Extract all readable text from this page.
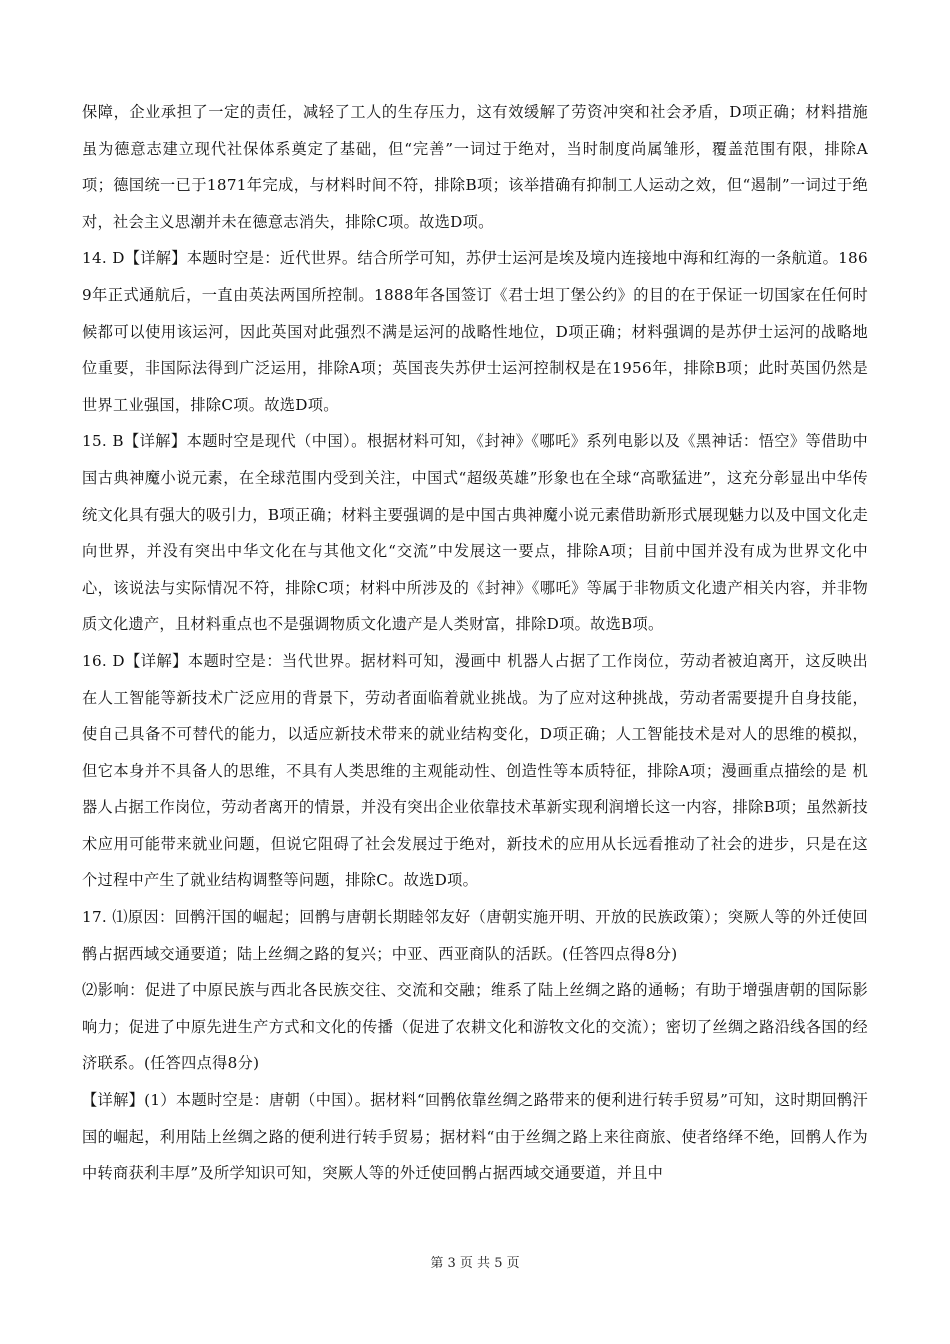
保障，企业承担了一定的责任，减轻了工人的生存压力，这有效缓解了劳资冲突和社会矛盾，D项正确；材料措施虽为德意志建立现代社保体系奠定了基础，但“完善”一词过于绝对，当时制度尚属雏形，覆盖范围有限，排除A项；德国统一已于1871年完成，与材料时间不符，排除B项；该举措确有抑制工人运动之效，但“遏制”一词过于绝对，社会主义思潮并未在德意志消失，排除C项。故选D项。

14. D【详解】本题时空是：近代世界。结合所学可知，苏伊士运河是埃及境内连接地中海和红海的一条航道。1869年正式通航后，一直由英法两国所控制。1888年各国签订《君士坦丁堡公约》的目的在于保证一切国家在任何时候都可以使用该运河，因此英国对此强烈不满是运河的战略性地位，D项正确；材料强调的是苏伊士运河的战略地位重要，非国际法得到广泛运用，排除A项；英国丧失苏伊士运河控制权是在1956年，排除B项；此时英国仍然是世界工业强国，排除C项。故选D项。

15. B【详解】本题时空是现代（中国）。根据材料可知，《封神》《哪吒》系列电影以及《黑神话：悟空》等借助中国古典神魔小说元素，在全球范围内受到关注，中国式“超级英雄”形象也在全球“高歌猛进”，这充分彰显出中华传统文化具有强大的吸引力，B项正确；材料主要强调的是中国古典神魔小说元素借助新形式展现魅力以及中国文化走向世界，并没有突出中华文化在与其他文化“交流”中发展这一要点，排除A项；目前中国并没有成为世界文化中心，该说法与实际情况不符，排除C项；材料中所涉及的《封神》《哪吒》等属于非物质文化遗产相关内容，并非物质文化遗产，且材料重点也不是强调物质文化遗产是人类财富，排除D项。故选B项。

16. D【详解】本题时空是：当代世界。据材料可知，漫画中 机器人占据了工作岗位，劳动者被迫离开，这反映出在人工智能等新技术广泛应用的背景下，劳动者面临着就业挑战。为了应对这种挑战，劳动者需要提升自身技能，使自己具备不可替代的能力，以适应新技术带来的就业结构变化，D项正确；人工智能技术是对人的思维的模拟，但它本身并不具备人的思维，不具有人类思维的主观能动性、创造性等本质特征，排除A项；漫画重点描绘的是 机器人占据工作岗位，劳动者离开的情景，并没有突出企业依靠技术革新实现利润增长这一内容，排除B项；虽然新技术应用可能带来就业问题，但说它阻碍了社会发展过于绝对，新技术的应用从长远看推动了社会的进步，只是在这个过程中产生了就业结构调整等问题，排除C。故选D项。

17. ⑴原因：回鹘汗国的崛起；回鹘与唐朝长期睦邻友好（唐朝实施开明、开放的民族政策）；突厥人等的外迁使回鹘占据西域交通要道；陆上丝绸之路的复兴；中亚、西亚商队的活跃。(任答四点得8分)

⑵影响：促进了中原民族与西北各民族交往、交流和交融；维系了陆上丝绸之路的通畅；有助于增强唐朝的国际影响力；促进了中原先进生产方式和文化的传播（促进了农耕文化和游牧文化的交流）；密切了丝绸之路沿线各国的经济联系。(任答四点得8分)

【详解】(1）本题时空是：唐朝（中国）。据材料“回鹘依靠丝绸之路带来的便利进行转手贸易”可知，这时期回鹘汗国的崛起，利用陆上丝绸之路的便利进行转手贸易；据材料“由于丝绸之路上来往商旅、使者络绎不绝，回鹘人作为中转商获利丰厚”及所学知识可知，突厥人等的外迁使回鹘占据西域交通要道，并且中

第 3 页 共 5 页
